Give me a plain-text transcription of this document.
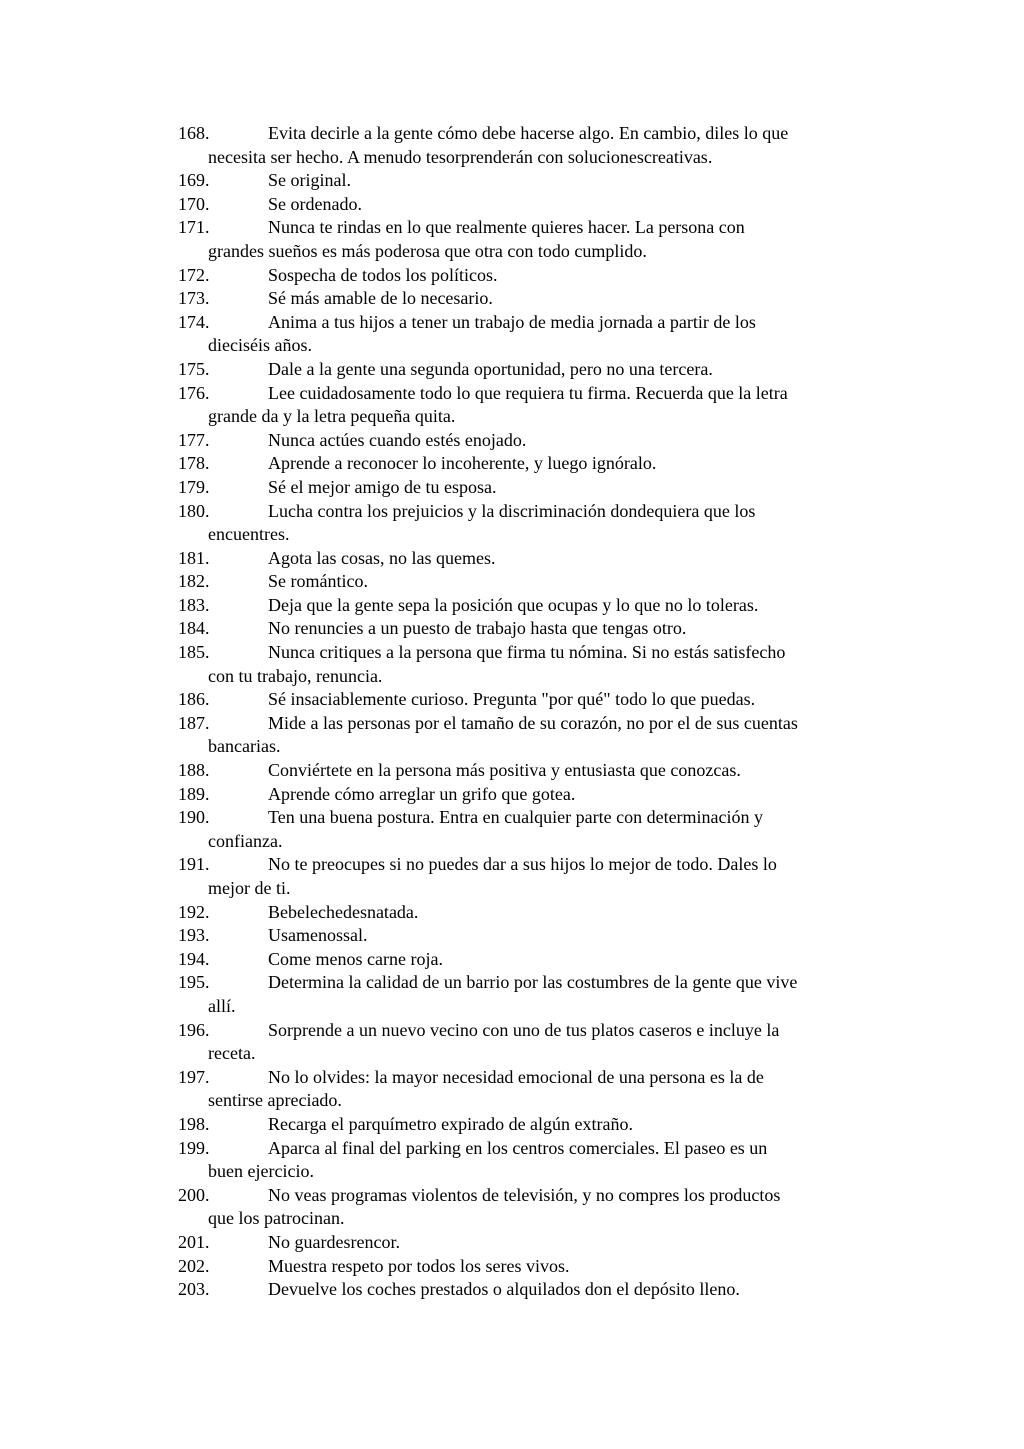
168.	Evita decirle a la gente cómo debe hacerse algo. En cambio, diles lo que
necesita ser hecho. A menudo tesorprenderán con solucionescreativas.
169.	Se original.
170.	Se ordenado.
171.	Nunca te rindas en lo que realmente quieres hacer. La persona con
grandes sueños es más poderosa que otra con todo cumplido.
172.	Sospecha de todos los políticos.
173.	Sé más amable de lo necesario.
174.	Anima a tus hijos a tener un trabajo de media jornada a partir de los
dieciséis años.
175.	Dale a la gente una segunda oportunidad, pero no una tercera.
176.	Lee cuidadosamente todo lo que requiera tu firma. Recuerda que la letra
grande da y la letra pequeña quita.
177.	Nunca actúes cuando estés enojado.
178.	Aprende a reconocer lo incoherente, y luego ignóralo.
179.	Sé el mejor amigo de tu esposa.
180.	Lucha contra los prejuicios y la discriminación dondequiera que los
encuentres.
181.	Agota las cosas, no las quemes.
182.	Se romántico.
183.	Deja que la gente sepa la posición que ocupas y lo que no lo toleras.
184.	No renuncies a un puesto de trabajo hasta que tengas otro.
185.	Nunca critiques a la persona que firma tu nómina. Si no estás satisfecho
con tu trabajo, renuncia.
186.	Sé insaciablemente curioso. Pregunta "por qué" todo lo que puedas.
187.	Mide a las personas por el tamaño de su corazón, no por el de sus cuentas
bancarias.
188.	Conviértete en la persona más positiva y entusiasta que conozcas.
189.	Aprende cómo arreglar un grifo que gotea.
190.	Ten una buena postura. Entra en cualquier parte con determinación y
confianza.
191.	No te preocupes si no puedes dar a sus hijos lo mejor de todo. Dales lo
mejor de ti.
192.	Bebelechedesnatada.
193.	Usamenossal.
194.	Come menos carne roja.
195.	Determina la calidad de un barrio por las costumbres de la gente que vive
allí.
196.	Sorprende a un nuevo vecino con uno de tus platos caseros e incluye la
receta.
197.	No lo olvides: la mayor necesidad emocional de una persona es la de
sentirse apreciado.
198.	Recarga el parquímetro expirado de algún extraño.
199.	Aparca al final del parking en los centros comerciales. El paseo es un
buen ejercicio.
200.	No veas programas violentos de televisión, y no compres los productos
que los patrocinan.
201.	No guardesrencor.
202.	Muestra respeto por todos los seres vivos.
203.	Devuelve los coches prestados o alquilados don el depósito lleno.
